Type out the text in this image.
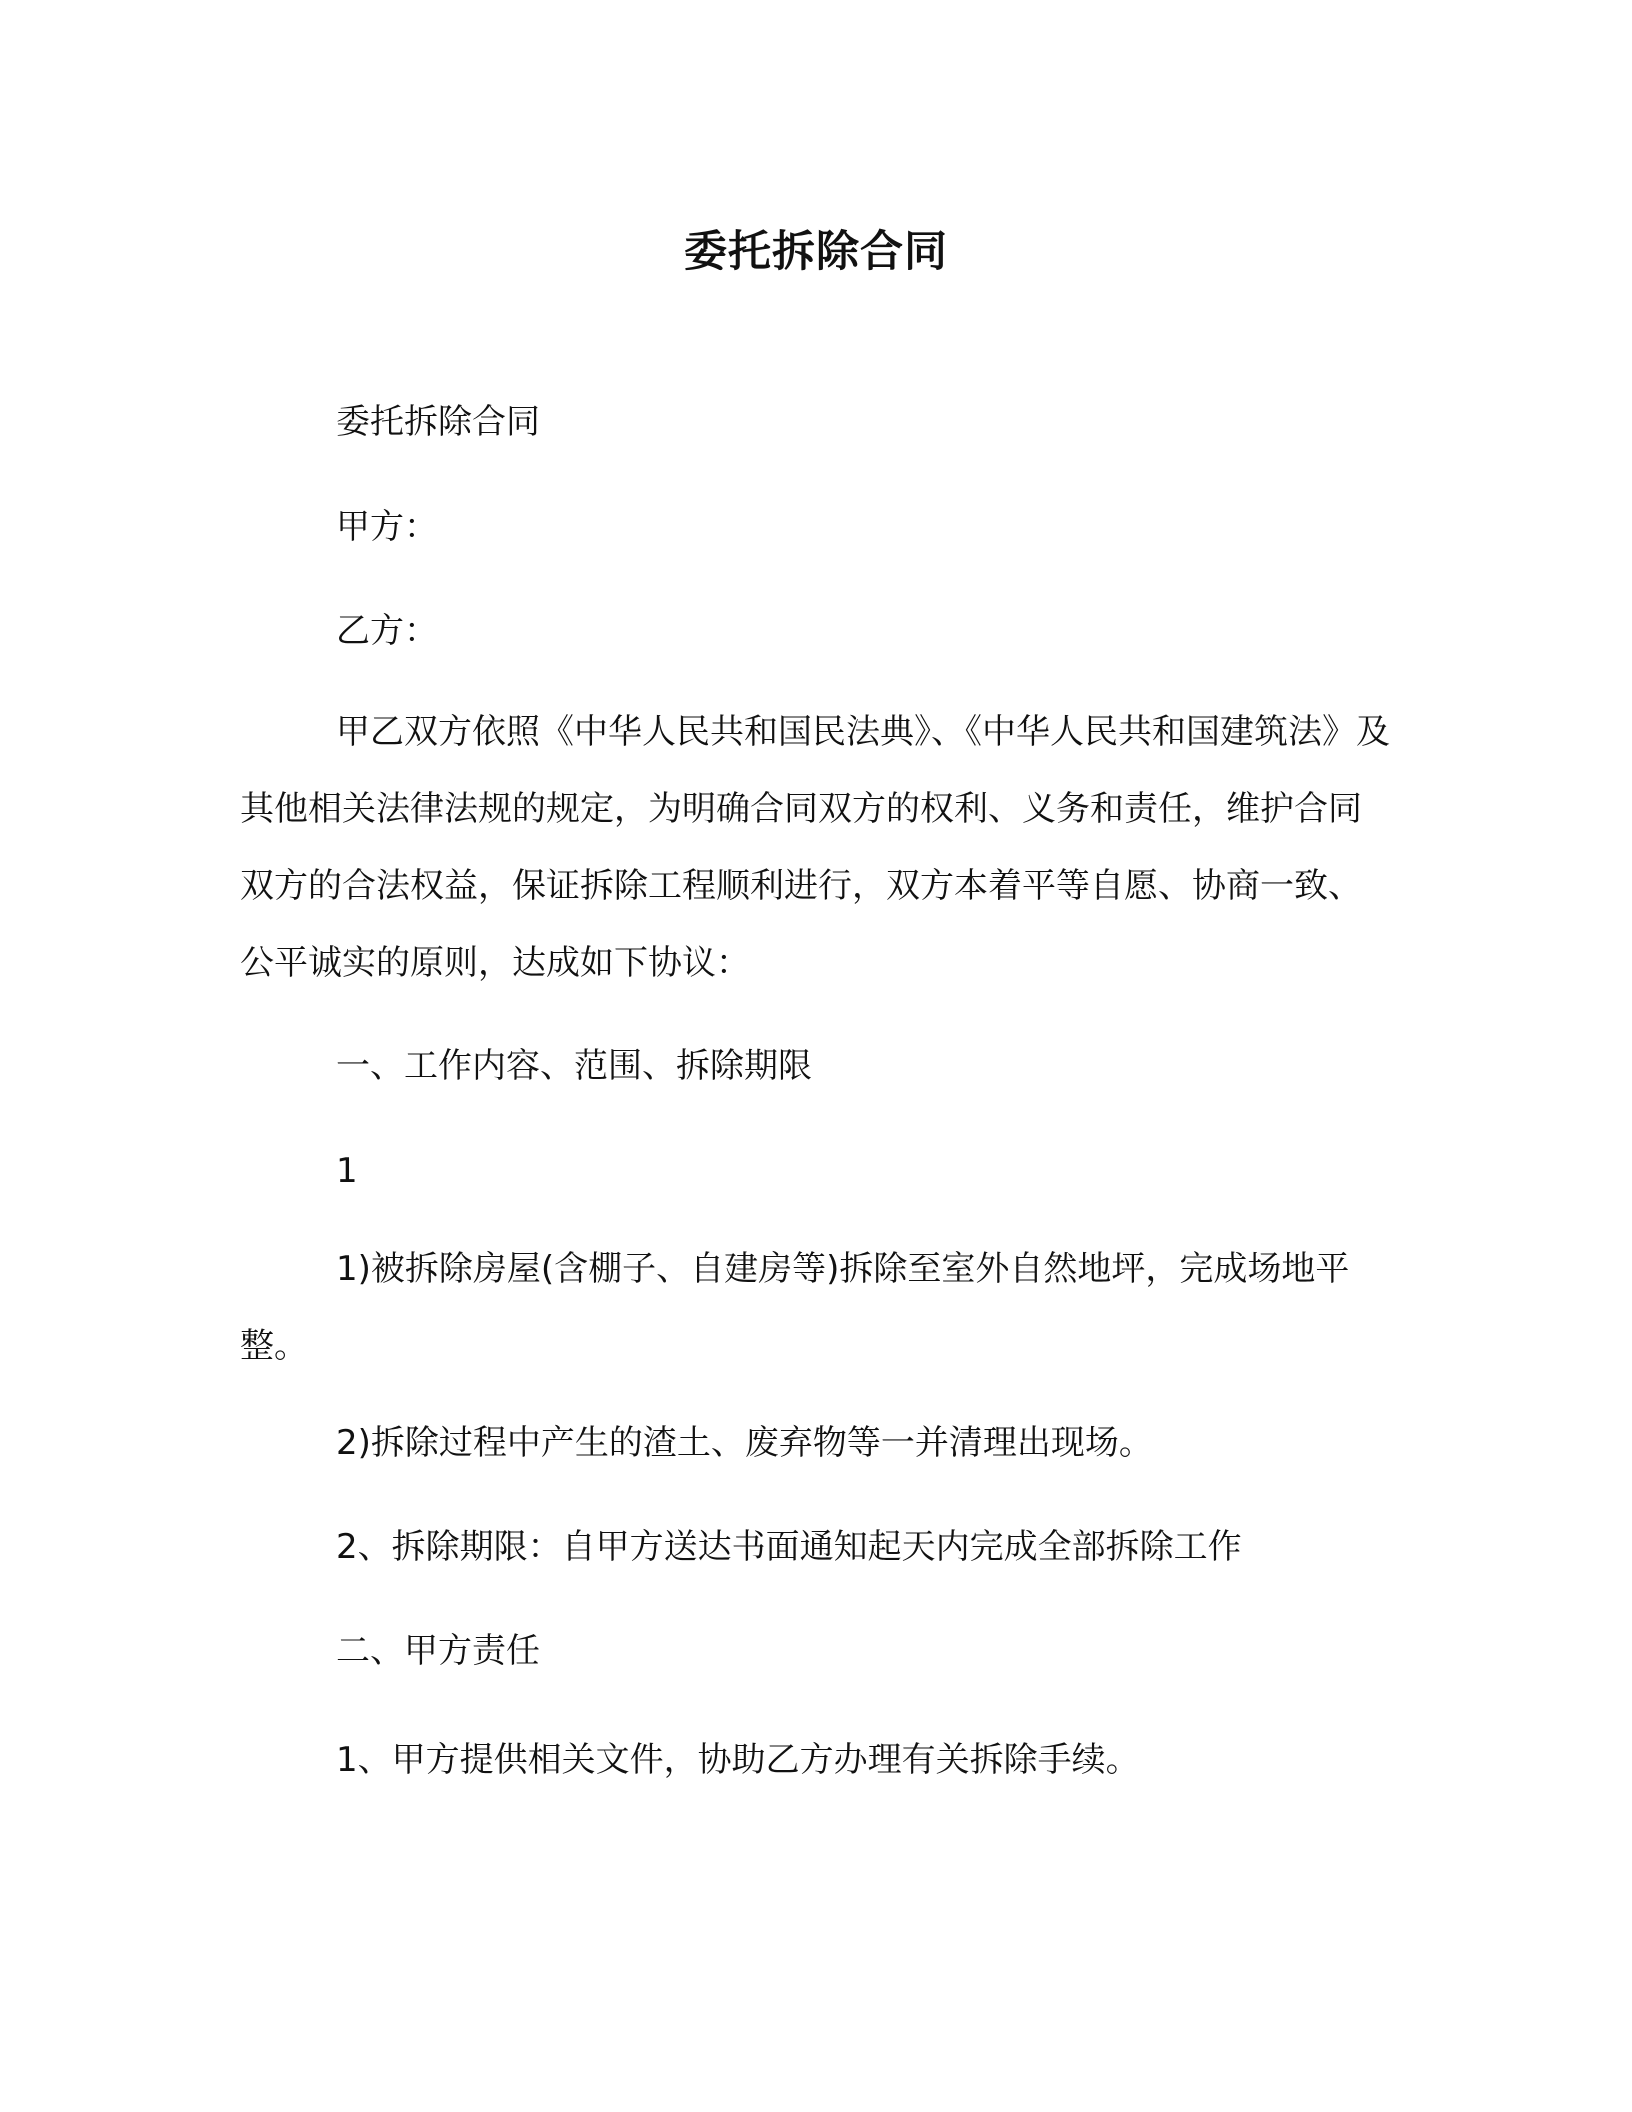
委托拆除合同

委托拆除合同

甲方：

乙方：

甲乙双方依照《中华人民共和国民法典》、《中华人民共和国建筑法》及其他相关法律法规的规定，为明确合同双方的权利、义务和责任，维护合同双方的合法权益，保证拆除工程顺利进行，双方本着平等自愿、协商一致、公平诚实的原则，达成如下协议：

一、工作内容、范围、拆除期限

1

1)被拆除房屋(含棚子、自建房等)拆除至室外自然地坪，完成场地平整。

2)拆除过程中产生的渣土、废弃物等一并清理出现场。

2、拆除期限：自甲方送达书面通知起天内完成全部拆除工作

二、甲方责任

1、甲方提供相关文件，协助乙方办理有关拆除手续。
